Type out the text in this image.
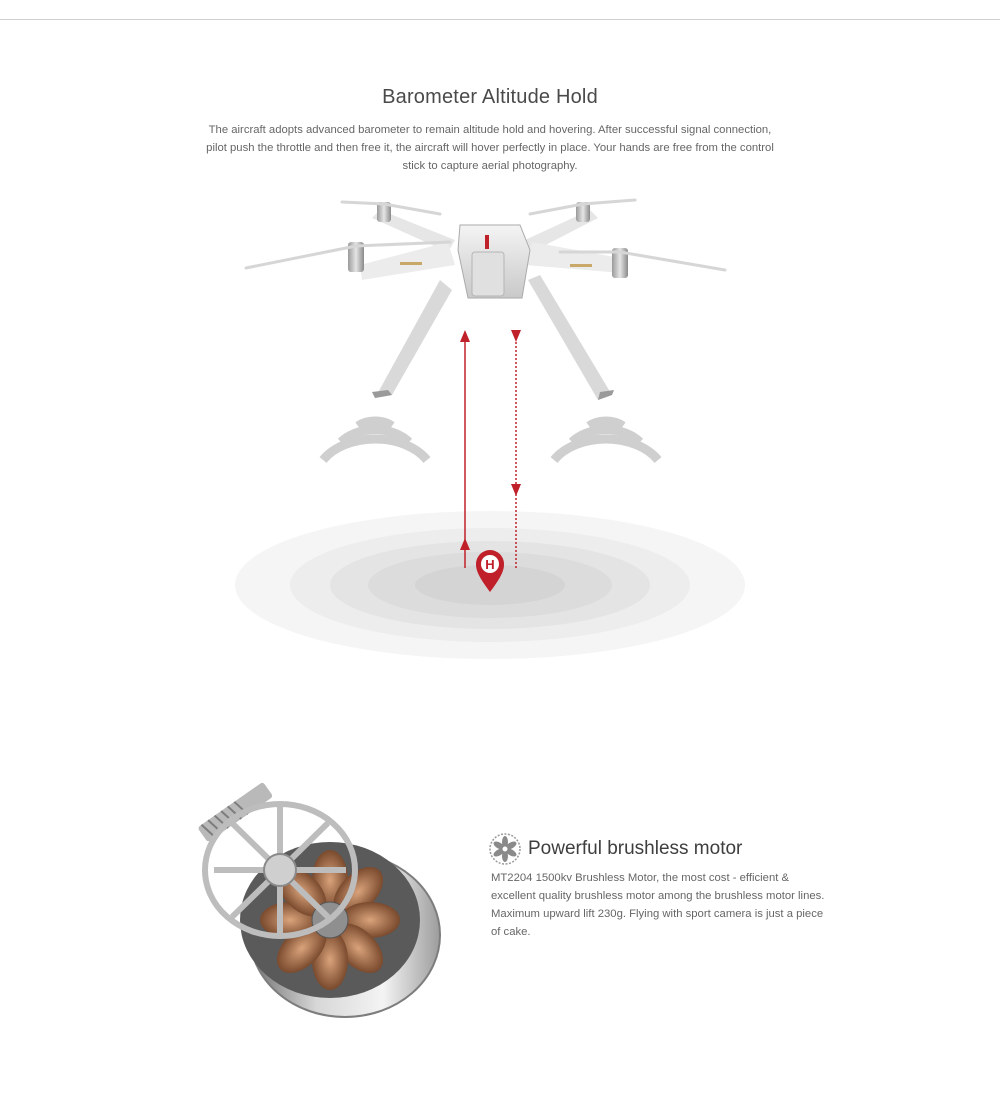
Barometer Altitude Hold
The aircraft adopts advanced barometer to remain altitude hold and hovering. After successful signal connection, pilot push the throttle and then free it, the aircraft will hover perfectly in place. Your hands are free from the control stick to capture aerial photography.
H
Powerful brushless motor
MT2204 1500kv Brushless Motor, the most cost - efficient & excellent quality brushless motor among the brushless motor lines. Maximum upward lift 230g. Flying with sport camera is just a piece of cake.
